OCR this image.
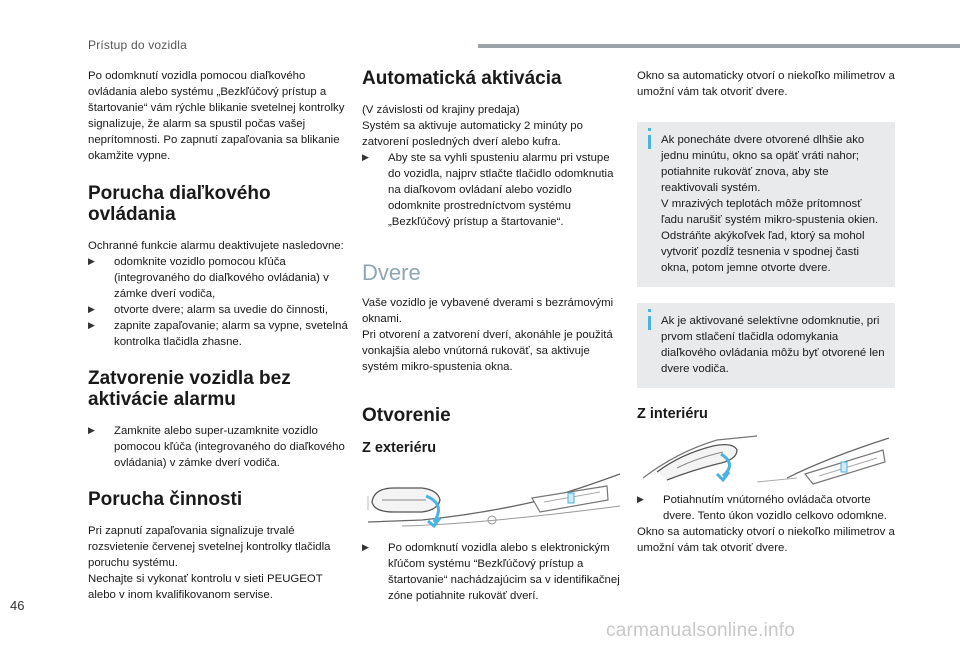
Prístup do vozidla

Po odomknutí vozidla pomocou diaľkového ovládania alebo systému „Bezkľúčový prístup a štartovanie“ vám rýchle blikanie svetelnej kontrolky signalizuje, že alarm sa spustil počas vašej neprítomnosti. Po zapnutí zapaľovania sa blikanie okamžite vypne.

Porucha diaľkového ovládania

Ochranné funkcie alarmu deaktivujete nasledovne:

▶ odomknite vozidlo pomocou kľúča (integrovaného do diaľkového ovládania) v zámke dverí vodiča,
▶ otvorte dvere; alarm sa uvedie do činnosti,
▶ zapnite zapaľovanie; alarm sa vypne, svetelná kontrolka tlačidla zhasne.
Zatvorenie vozidla bez aktivácie alarmu
▶ Zamknite alebo super-uzamknite vozidlo pomocou kľúča (integrovaného do diaľkového ovládania) v zámke dverí vodiča.
Porucha činnosti

Pri zapnutí zapaľovania signalizuje trvalé rozsvietenie červenej svetelnej kontrolky tlačidla poruchu systému.
Nechajte si vykonať kontrolu v sieti PEUGEOT alebo v inom kvalifikovanom servise.

Automatická aktivácia

(V závislosti od krajiny predaja)
Systém sa aktivuje automaticky 2 minúty po zatvorení posledných dverí alebo kufra.

▶ Aby ste sa vyhli spusteniu alarmu pri vstupe do vozidla, najprv stlačte tlačidlo odomknutia na diaľkovom ovládaní alebo vozidlo odomknite prostredníctvom systému „Bezkľúčový prístup a štartovanie“.
Dvere

Vaše vozidlo je vybavené dverami s bezrámovými oknami.
Pri otvorení a zatvorení dverí, akonáhle je použitá vonkajšia alebo vnútorná rukoväť, sa aktivuje systém mikro-spustenia okna.

Otvorenie
Z exteriéru
▶ Po odomknutí vozidla alebo s elektronickým kľúčom systému “Bezkľúčový prístup a štartovanie“ nachádzajúcim sa v identifikačnej zóne potiahnite rukoväť dverí.

Okno sa automaticky otvorí o niekoľko milimetrov a umožní vám tak otvoriť dvere.

Ak ponecháte dvere otvorené dlhšie ako jednu minútu, okno sa opäť vráti nahor; potiahnite rukoväť znova, aby ste reaktivovali systém.
V mrazivých teplotách môže prítomnosť ľadu narušiť systém mikro-spustenia okien. Odstráňte akýkoľvek ľad, ktorý sa mohol vytvoriť pozdĺž tesnenia v spodnej časti okna, potom jemne otvorte dvere.
Ak je aktivované selektívne odomknutie, pri prvom stlačení tlačidla odomykania diaľkového ovládania môžu byť otvorené len dvere vodiča.
Z interiéru
▶ Potiahnutím vnútorného ovládača otvorte dvere. Tento úkon vozidlo celkovo odomkne.

Okno sa automaticky otvorí o niekoľko milimetrov a umožní vám tak otvoriť dvere.

46
carmanualsonline.info
